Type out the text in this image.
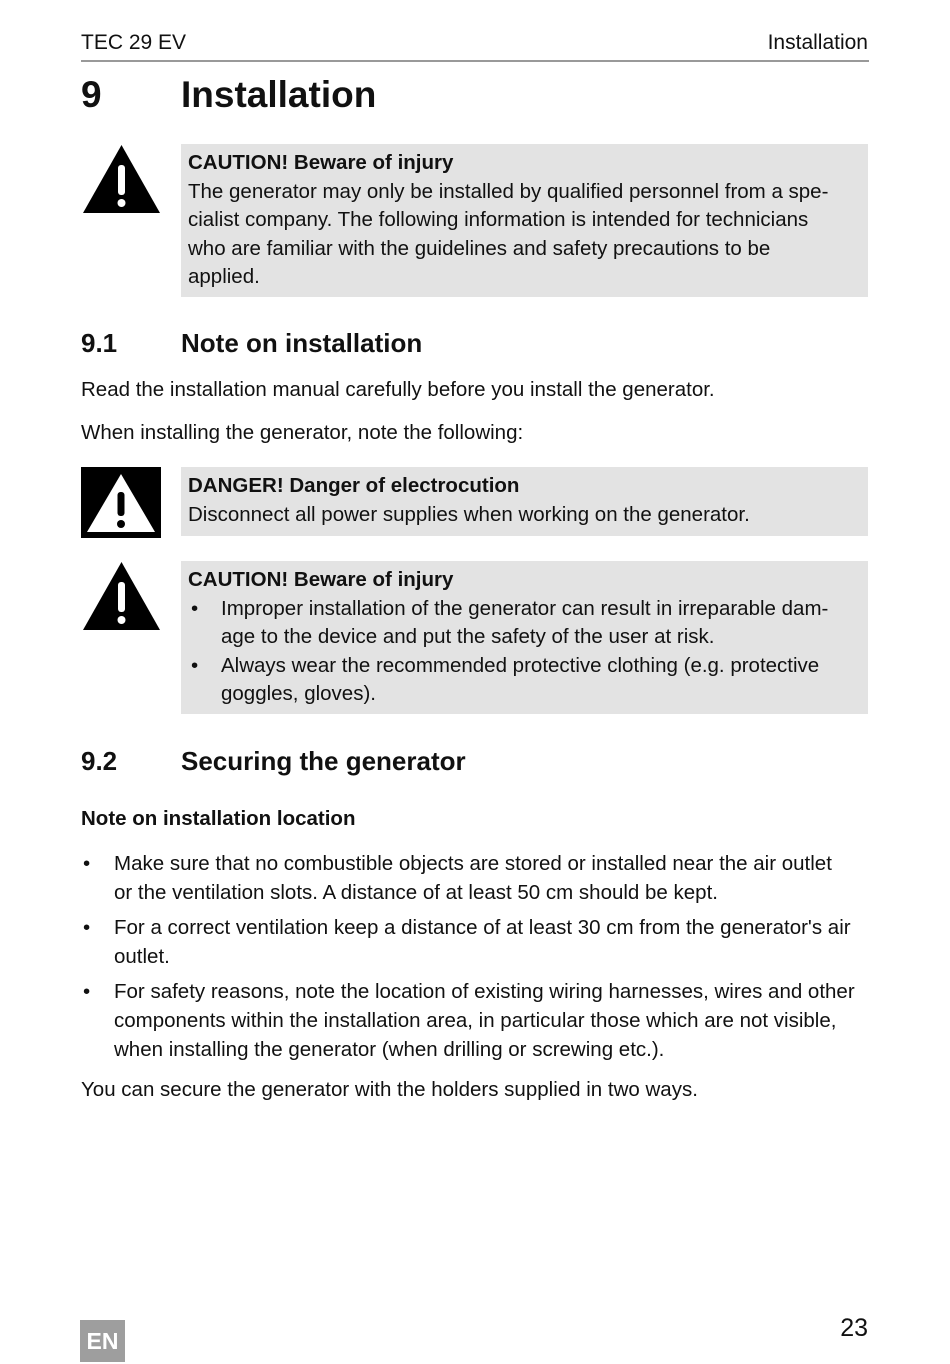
TEC 29 EV	Installation
9 Installation
CAUTION! Beware of injury
The generator may only be installed by qualified personnel from a spe-
cialist company. The following information is intended for technicians
who are familiar with the guidelines and safety precautions to be
applied.
9.1 Note on installation
Read the installation manual carefully before you install the generator.
When installing the generator, note the following:
DANGER! Danger of electrocution
Disconnect all power supplies when working on the generator.
CAUTION! Beware of injury
• Improper installation of the generator can result in irreparable dam-
age to the device and put the safety of the user at risk.
• Always wear the recommended protective clothing (e.g. protective
goggles, gloves).
9.2 Securing the generator
Note on installation location
• Make sure that no combustible objects are stored or installed near the air outlet
or the ventilation slots. A distance of at least 50 cm should be kept.
• For a correct ventilation keep a distance of at least 30 cm from the generator's air
outlet.
• For safety reasons, note the location of existing wiring harnesses, wires and other
components within the installation area, in particular those which are not visible,
when installing the generator (when drilling or screwing etc.).
You can secure the generator with the holders supplied in two ways.
EN	23
